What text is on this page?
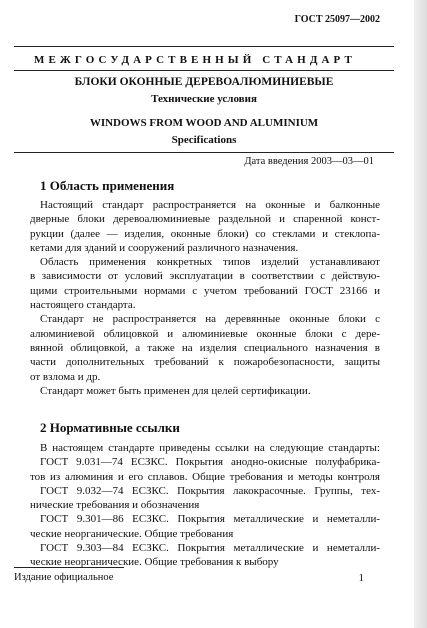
ГОСТ 25097—2002
МЕЖГОСУДАРСТВЕННЫЙ СТАНДАРТ
БЛОКИ ОКОННЫЕ ДЕРЕВОАЛЮМИНИЕВЫЕ
Технические условия
WINDOWS FROM WOOD AND ALUMINIUM
Specifications
Дата введения 2003—03—01
1 Область применения
Настоящий стандарт распространяется на оконные и балконные
дверные блоки деревоалюминиевые раздельной и спаренной конст-
рукции (далее — изделия, оконные блоки) со стеклами и стеклопа-
кетами для зданий и сооружений различного назначения.
Область применения конкретных типов изделий устанавливают
в зависимости от условий эксплуатации в соответствии с действую-
щими строительными нормами с учетом требований ГОСТ 23166 и
настоящего стандарта.
Стандарт не распространяется на деревянные оконные блоки с
алюминиевой облицовкой и алюминиевые оконные блоки с дере-
вянной облицовкой, а также на изделия специального назначения в
части дополнительных требований к пожаробезопасности, защиты
от взлома и др.
Стандарт может быть применен для целей сертификации.
2 Нормативные ссылки
В настоящем стандарте приведены ссылки на следующие стандарты:
ГОСТ 9.031—74 ЕСЗКС. Покрытия анодно-окисные полуфабрика-
тов из алюминия и его сплавов. Общие требования и методы контроля
ГОСТ 9.032—74 ЕСЗКС. Покрытия лакокрасочные. Группы, тех-
нические требования и обозначения
ГОСТ 9.301—86 ЕСЗКС. Покрытия металлические и неметалли-
ческие неорганические. Общие требования
ГОСТ 9.303—84 ЕСЗКС. Покрытия металлические и неметалли-
ческие неорганические. Общие требования к выбору
Издание официальное	1
